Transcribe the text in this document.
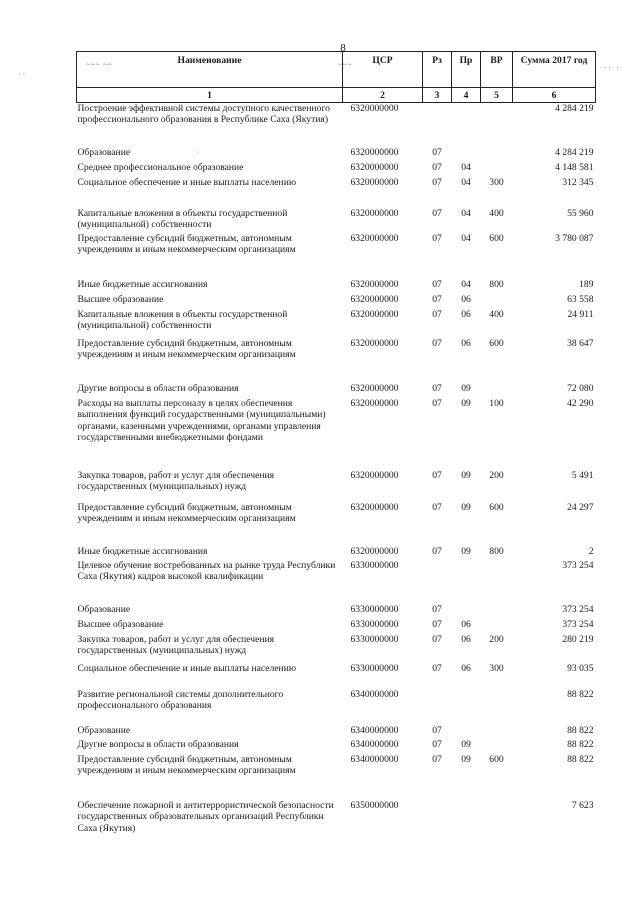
8
~~~ ~~	~~~	·· ·
· ·
·
Наименование	ЦСР	Рз	Пр	ВР	Сумма 2017 год
1	2	3	4	5	6
Построение эффективной системы доступного качественного профессионального образования в Республике Саха (Якутия)	6320000000				4 284 219
Образование	6320000000	07			4 284 219
Среднее профессиональное образование	6320000000	07	04		4 148 581
Социальное обеспечение и иные выплаты населению	6320000000	07	04	300	312 345
Капитальные вложения в объекты государственной (муниципальной) собственности	6320000000	07	04	400	55 960
Предоставление субсидий бюджетным, автономным учреждениям и иным некоммерческим организациям	6320000000	07	04	600	3 780 087
Иные бюджетные ассигнования	6320000000	07	04	800	189
Высшее образование	6320000000	07	06		63 558
Капитальные вложения в объекты государственной (муниципальной) собственности	6320000000	07	06	400	24 911
Предоставление субсидий бюджетным, автономным учреждениям и иным некоммерческим организациям	6320000000	07	06	600	38 647
Другие вопросы в области образования	6320000000	07	09		72 080
Расходы на выплаты персоналу в целях обеспечения выполнения функций государственными (муниципальными) органами, казенными учреждениями, органами управления государственными внебюджетными фондами	6320000000	07	09	100	42 290
Закупка товаров, работ и услуг для обеспечения государственных (муниципальных) нужд	6320000000	07	09	200	5 491
Предоставление субсидий бюджетным, автономным учреждениям и иным некоммерческим организациям	6320000000	07	09	600	24 297
Иные бюджетные ассигнования	6320000000	07	09	800	2
Целевое обучение востребованных на рынке труда Республики Саха (Якутия) кадров высокой квалификации	6330000000				373 254
Образование	6330000000	07			373 254
Высшее образование	6330000000	07	06		373 254
Закупка товаров, работ и услуг для обеспечения государственных (муниципальных) нужд	6330000000	07	06	200	280 219
Социальное обеспечение и иные выплаты населению	6330000000	07	06	300	93 035
Развитие региональной системы дополнительного профессионального образования	6340000000				88 822
Образование	6340000000	07			88 822
Другие вопросы в области образования	6340000000	07	09		88 822
Предоставление субсидий бюджетным, автономным учреждениям и иным некоммерческим организациям	6340000000	07	09	600	88 822
Обеспечение пожарной и антитеррористической безопасности государственных образовательных организаций Республики Саха (Якутия)	6350000000				7 623
